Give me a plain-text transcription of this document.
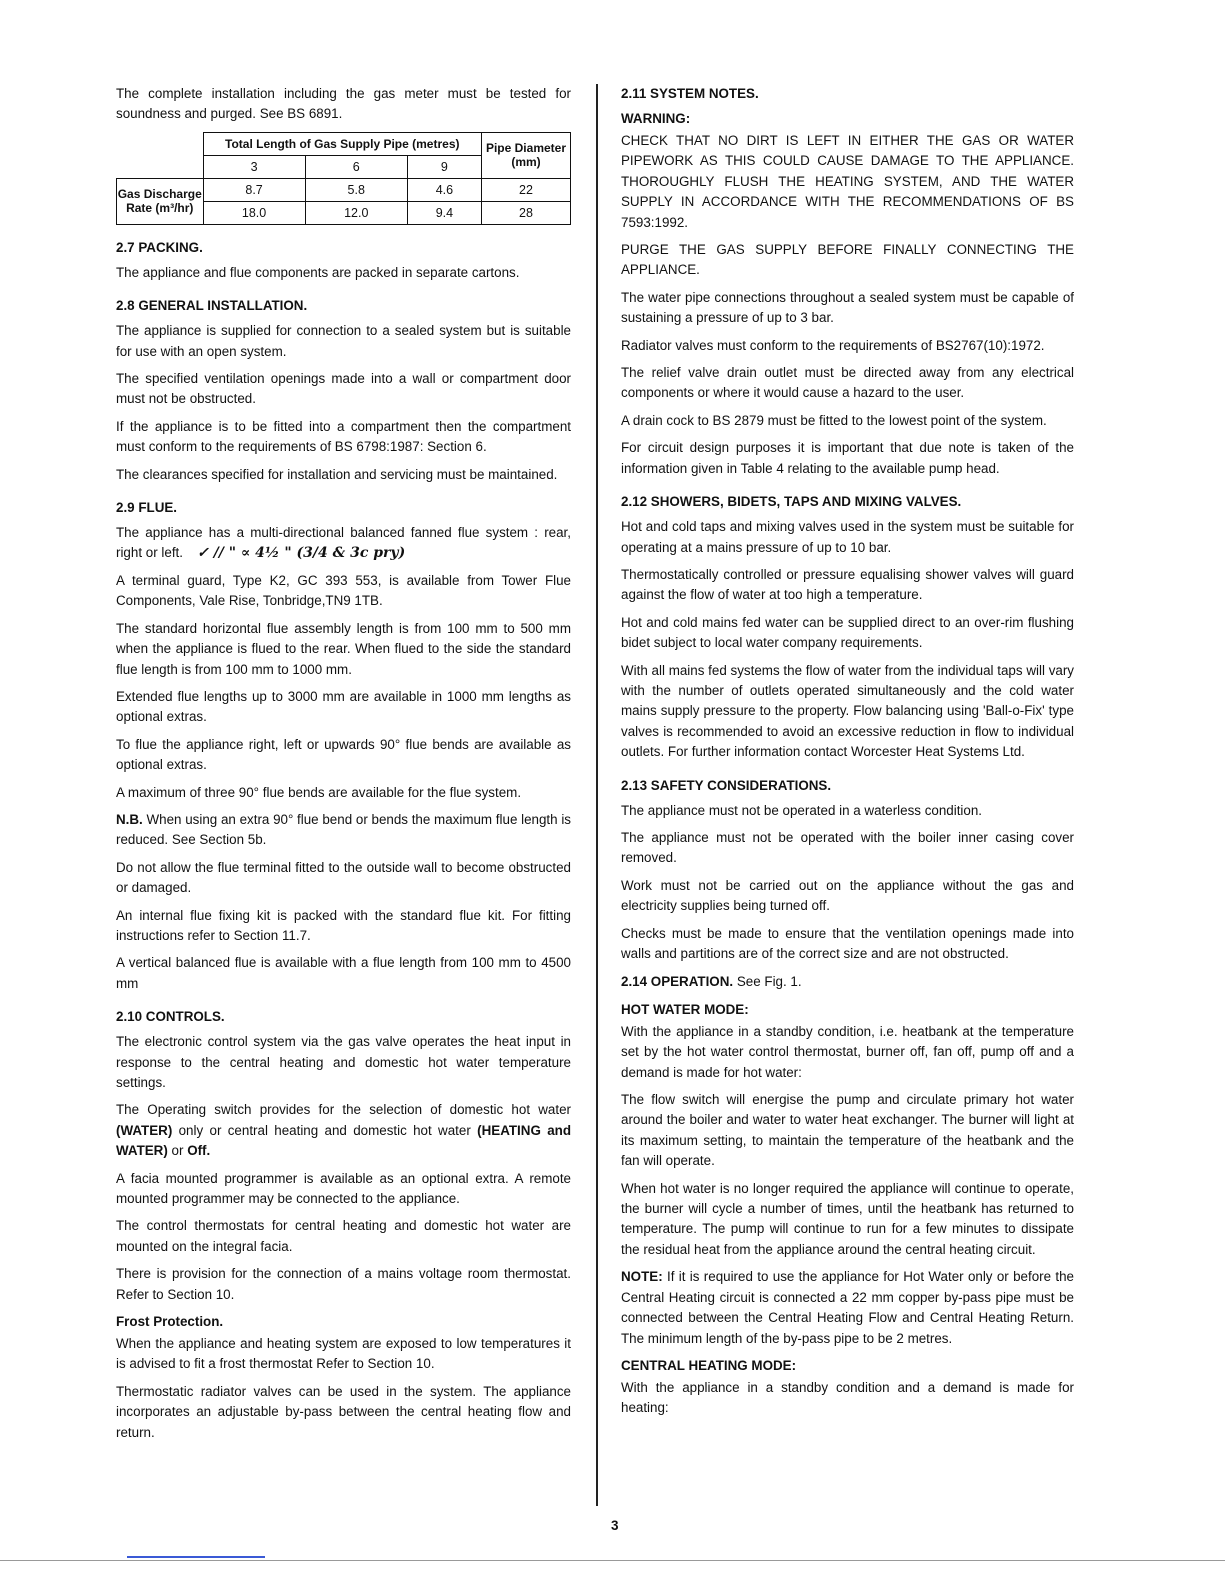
The complete installation including the gas meter must be tested for soundness and purged. See BS 6891.

	Total Length of Gas Supply Pipe (metres)			Pipe Diameter (mm)
	3	6	9	

Gas Discharge
Rate (m³/hr)	8.7	5.8	4.6	22
	18.0	12.0	9.4	28
2.7 PACKING.

The appliance and flue components are packed in separate cartons.

2.8 GENERAL INSTALLATION.

The appliance is supplied for connection to a sealed system but is suitable for use with an open system.

The specified ventilation openings made into a wall or compartment door must not be obstructed.

If the appliance is to be fitted into a compartment then the compartment must conform to the requirements of BS 6798:1987: Section 6.

The clearances specified for installation and servicing must be maintained.

2.9 FLUE.

The appliance has a multi-directional balanced fanned flue system : rear, right or left. ✓ // " ∝ 4½ " (3/4 & 3c pry)

A terminal guard, Type K2, GC 393 553, is available from Tower Flue Components, Vale Rise, Tonbridge,TN9 1TB.

The standard horizontal flue assembly length is from 100 mm to 500 mm when the appliance is flued to the rear. When flued to the side the standard flue length is from 100 mm to 1000 mm.

Extended flue lengths up to 3000 mm are available in 1000 mm lengths as optional extras.

To flue the appliance right, left or upwards 90° flue bends are available as optional extras.

A maximum of three 90° flue bends are available for the flue system.

N.B. When using an extra 90° flue bend or bends the maximum flue length is reduced. See Section 5b.

Do not allow the flue terminal fitted to the outside wall to become obstructed or damaged.

An internal flue fixing kit is packed with the standard flue kit. For fitting instructions refer to Section 11.7.

A vertical balanced flue is available with a flue length from 100 mm to 4500 mm

2.10 CONTROLS.

The electronic control system via the gas valve operates the heat input in response to the central heating and domestic hot water temperature settings.

The Operating switch provides for the selection of domestic hot water (WATER) only or central heating and domestic hot water (HEATING and WATER) or Off.

A facia mounted programmer is available as an optional extra. A remote mounted programmer may be connected to the appliance.

The control thermostats for central heating and domestic hot water are mounted on the integral facia.

There is provision for the connection of a mains voltage room thermostat. Refer to Section 10.

Frost Protection.

When the appliance and heating system are exposed to low temperatures it is advised to fit a frost thermostat Refer to Section 10.

Thermostatic radiator valves can be used in the system. The appliance incorporates an adjustable by-pass between the central heating flow and return.

2.11 SYSTEM NOTES.
WARNING:

CHECK THAT NO DIRT IS LEFT IN EITHER THE GAS OR WATER PIPEWORK AS THIS COULD CAUSE DAMAGE TO THE APPLIANCE. THOROUGHLY FLUSH THE HEATING SYSTEM, AND THE WATER SUPPLY IN ACCORDANCE WITH THE RECOMMENDATIONS OF BS 7593:1992.

PURGE THE GAS SUPPLY BEFORE FINALLY CONNECTING THE APPLIANCE.

The water pipe connections throughout a sealed system must be capable of sustaining a pressure of up to 3 bar.

Radiator valves must conform to the requirements of BS2767(10):1972.

The relief valve drain outlet must be directed away from any electrical components or where it would cause a hazard to the user.

A drain cock to BS 2879 must be fitted to the lowest point of the system.

For circuit design purposes it is important that due note is taken of the information given in Table 4 relating to the available pump head.

2.12 SHOWERS, BIDETS, TAPS AND MIXING VALVES.

Hot and cold taps and mixing valves used in the system must be suitable for operating at a mains pressure of up to 10 bar.

Thermostatically controlled or pressure equalising shower valves will guard against the flow of water at too high a temperature.

Hot and cold mains fed water can be supplied direct to an over-rim flushing bidet subject to local water company requirements.

With all mains fed systems the flow of water from the individual taps will vary with the number of outlets operated simultaneously and the cold water mains supply pressure to the property. Flow balancing using 'Ball-o-Fix' type valves is recommended to avoid an excessive reduction in flow to individual outlets. For further information contact Worcester Heat Systems Ltd.

2.13 SAFETY CONSIDERATIONS.

The appliance must not be operated in a waterless condition.

The appliance must not be operated with the boiler inner casing cover removed.

Work must not be carried out on the appliance without the gas and electricity supplies being turned off.

Checks must be made to ensure that the ventilation openings made into walls and partitions are of the correct size and are not obstructed.

2.14 OPERATION. See Fig. 1.

HOT WATER MODE:

With the appliance in a standby condition, i.e. heatbank at the temperature set by the hot water control thermostat, burner off, fan off, pump off and a demand is made for hot water:

The flow switch will energise the pump and circulate primary hot water around the boiler and water to water heat exchanger. The burner will light at its maximum setting, to maintain the temperature of the heatbank and the fan will operate.

When hot water is no longer required the appliance will continue to operate, the burner will cycle a number of times, until the heatbank has returned to temperature. The pump will continue to run for a few minutes to dissipate the residual heat from the appliance around the central heating circuit.

NOTE: If it is required to use the appliance for Hot Water only or before the Central Heating circuit is connected a 22 mm copper by-pass pipe must be connected between the Central Heating Flow and Central Heating Return. The minimum length of the by-pass pipe to be 2 metres.

CENTRAL HEATING MODE:

With the appliance in a standby condition and a demand is made for heating:

3
